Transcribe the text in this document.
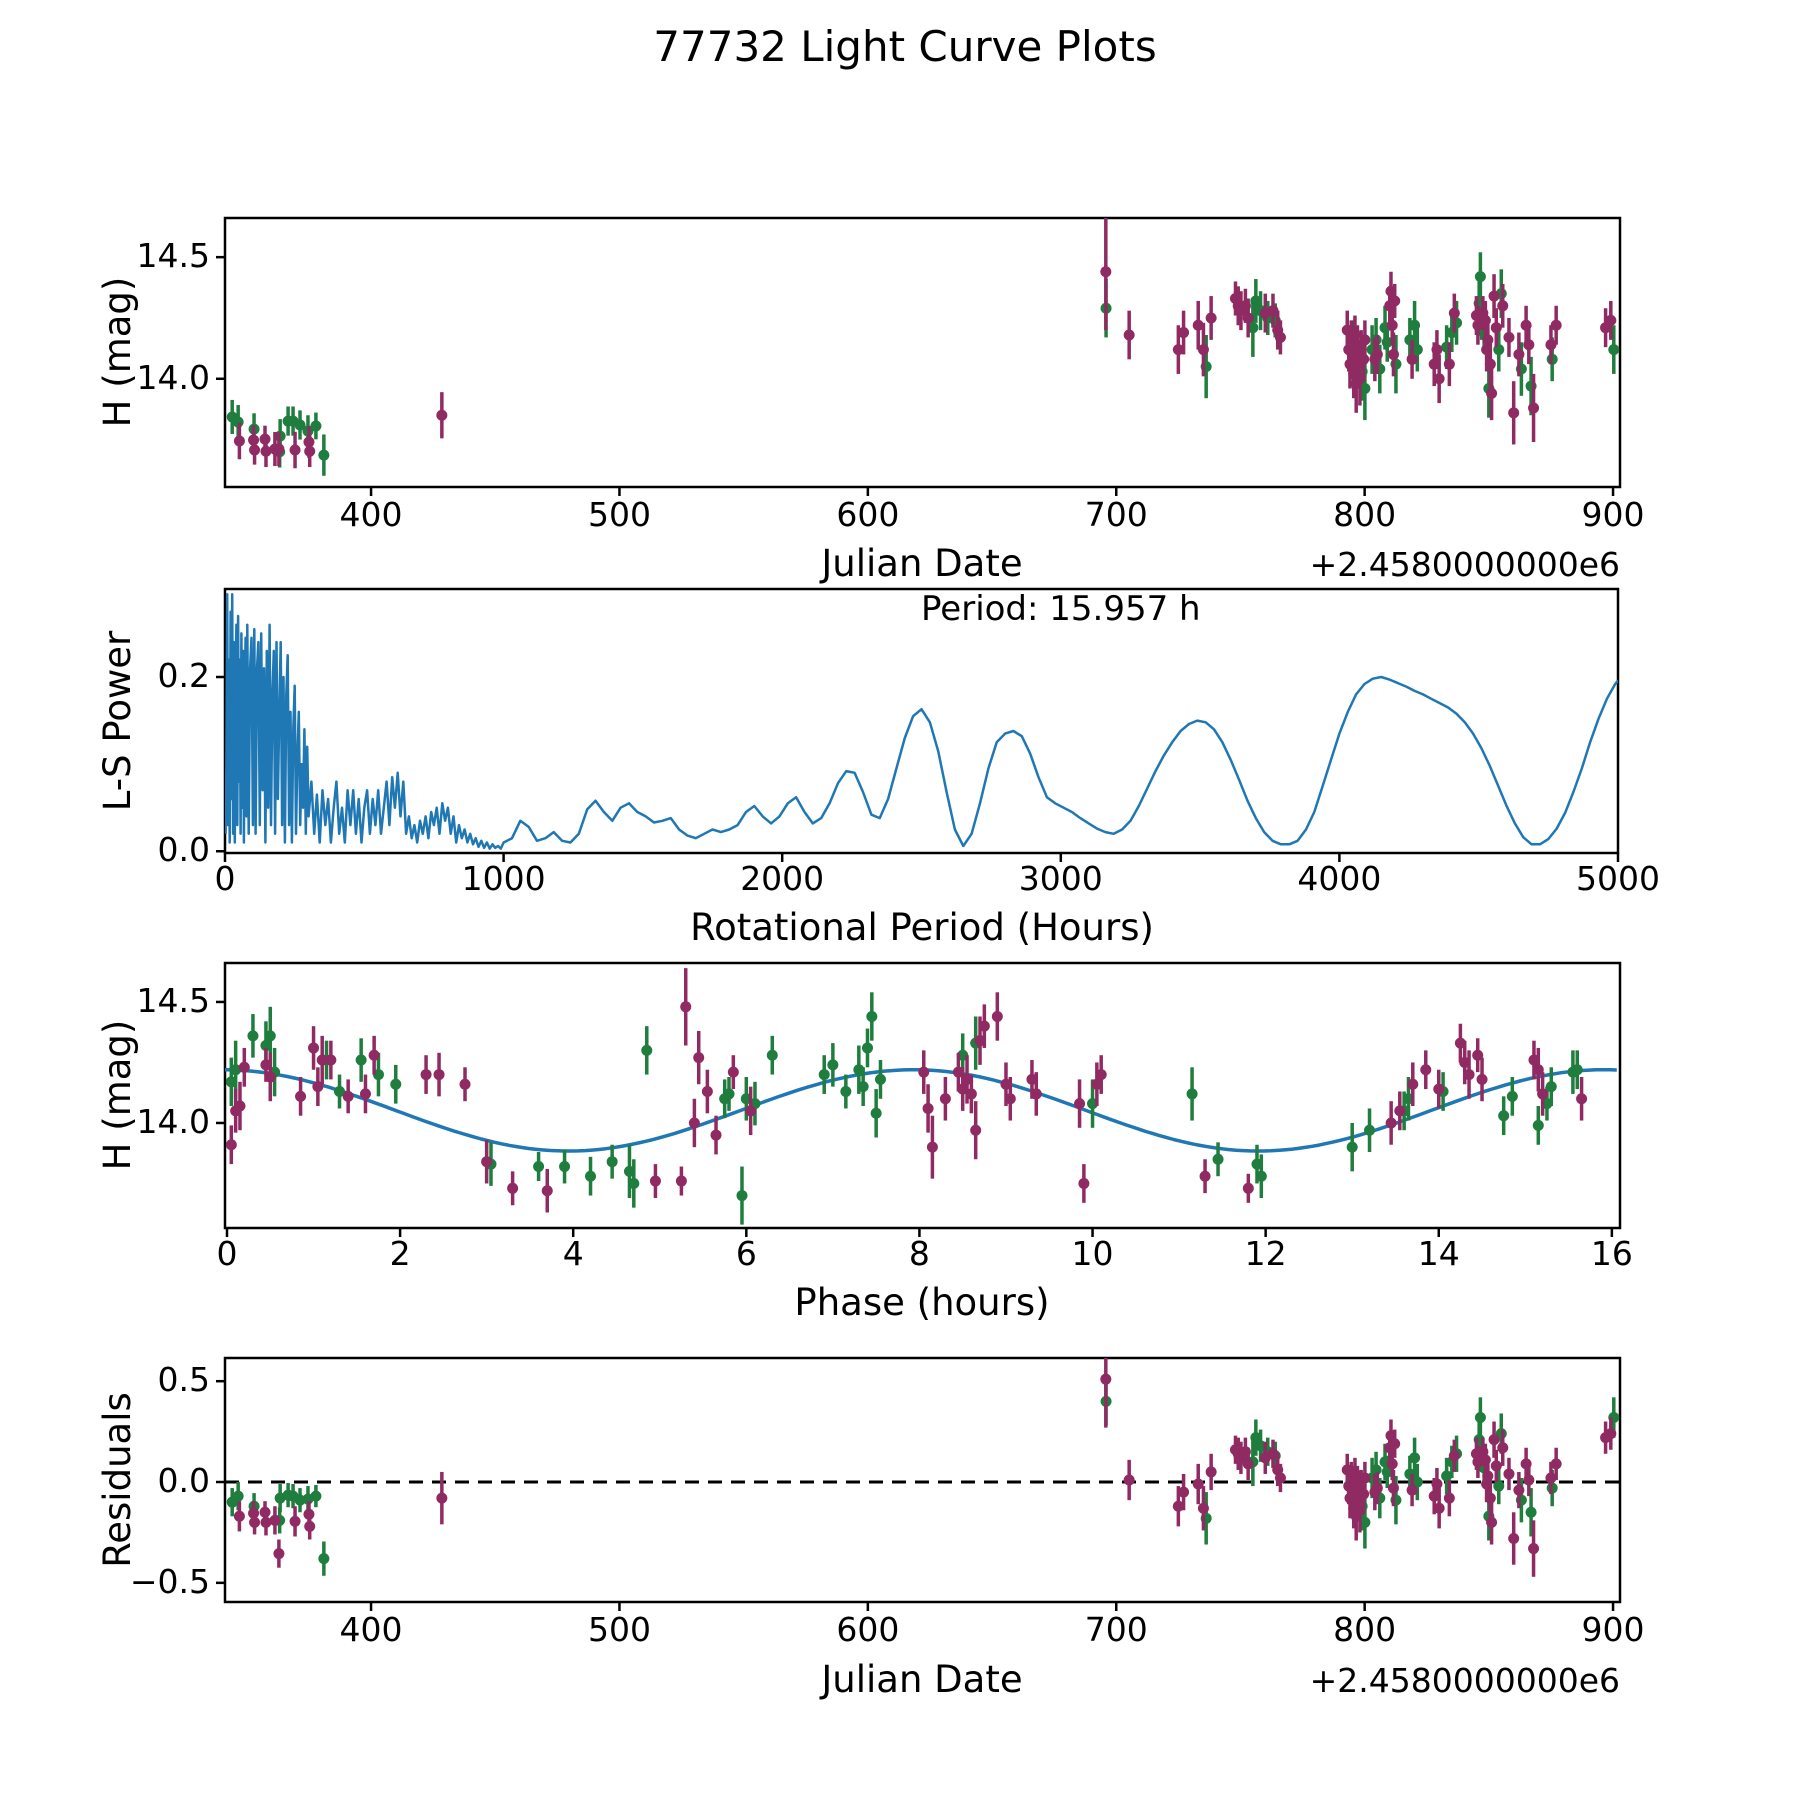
77732 Light Curve Plots
H (mag)
L-S Power
H (mag)
Residuals
Julian Date
Rotational Period (Hours)
Phase (hours)
Julian Date
+2.4580000000e6
+2.4580000000e6
Period: 15.957 h
400	500	600	700	800	900
14.0
14.5
0	1000	2000	3000	4000	5000
0.0
0.2
0	2	4	6	8	10	12	14	16
14.0
14.5
400	500	600	700	800	900
−0.5
0.0
0.5
